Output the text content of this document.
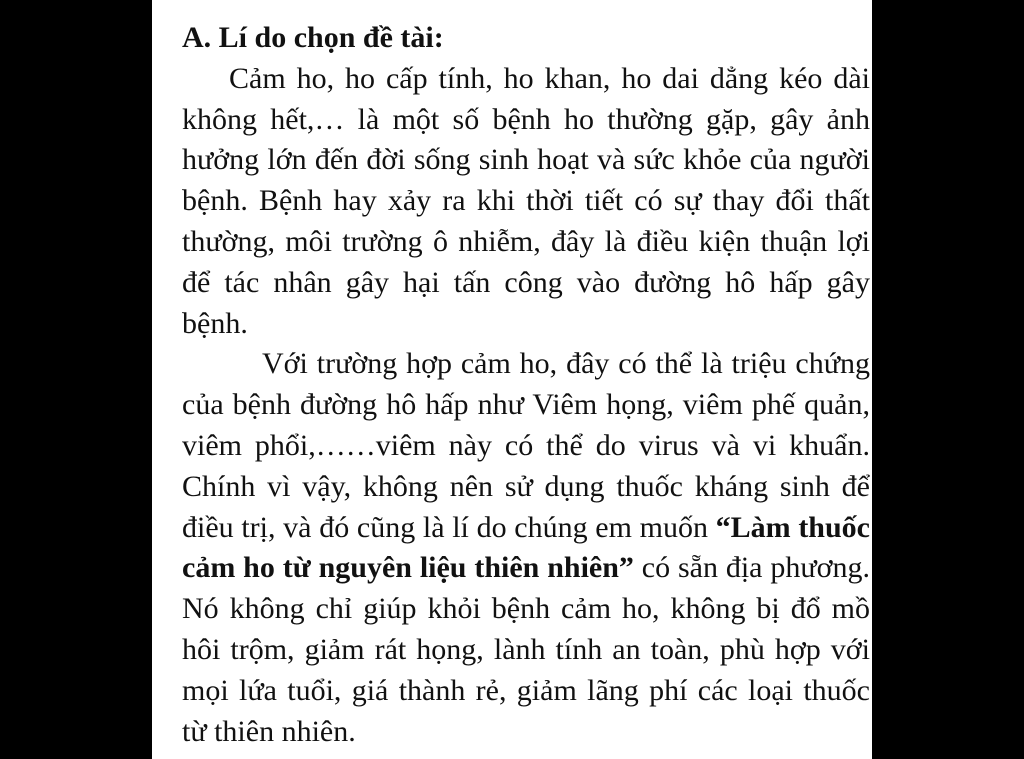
A. Lí do chọn đề tài:

Cảm ho, ho cấp tính, ho khan, ho dai dẳng kéo dài không hết,… là một số bệnh ho thường gặp, gây ảnh hưởng lớn đến đời sống sinh hoạt và sức khỏe của người bệnh. Bệnh hay xảy ra khi thời tiết có sự thay đổi thất thường, môi trường ô nhiễm, đây là điều kiện thuận lợi để tác nhân gây hại tấn công vào đường hô hấp gây bệnh.

Với trường hợp cảm ho, đây có thể là triệu chứng của bệnh đường hô hấp như Viêm họng, viêm phế quản, viêm phổi,……viêm này có thể do virus và vi khuẩn. Chính vì vậy, không nên sử dụng thuốc kháng sinh để điều trị, và đó cũng là lí do chúng em muốn “Làm thuốc cảm ho từ nguyên liệu thiên nhiên” có sẵn địa phương. Nó không chỉ giúp khỏi bệnh cảm ho, không bị đổ mồ hôi trộm, giảm rát họng, lành tính an toàn, phù hợp với mọi lứa tuổi, giá thành rẻ, giảm lãng phí các loại thuốc từ thiên nhiên.
